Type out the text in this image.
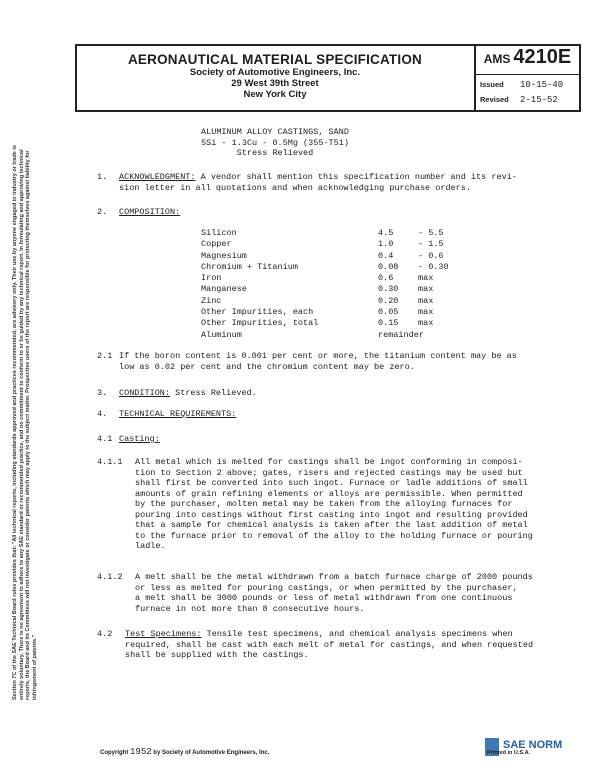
AERONAUTICAL MATERIAL SPECIFICATION
Society of Automotive Engineers, Inc.
29 West 39th Street
New York City
AMS 4210E
Issued	10-15-40
Revised	2-15-52
ALUMINUM ALLOY CASTINGS, SAND
5Si - 1.3Cu - 0.5Mg (355-T51)
Stress Relieved
1. ACKNOWLEDGMENT: A vendor shall mention this specification number and its revi-
sion letter in all quotations and when acknowledging purchase orders.
2. COMPOSITION:
Silicon	4.5	- 5.5
Copper	1.0	- 1.5
Magnesium	0.4	- 0.6
Chromium + Titanium	0.08	- 0.30
Iron	0.6	max
Manganese	0.30	max
Zinc	0.20	max
Other Impurities, each	0.05	max
Other Impurities, total	0.15	max
Aluminum	remainder
2.1 If the boron content is 0.001 per cent or more, the titanium content may be as
low as 0.02 per cent and the chromium content may be zero.
3. CONDITION: Stress Relieved.
4. TECHNICAL REQUIREMENTS:
4.1 Casting:
4.1.1 All metal which is melted for castings shall be ingot conforming in composi-
tion to Section 2 above; gates, risers and rejected castings may be used but
shall first be converted into such ingot. Furnace or ladle additions of small
amounts of grain refining elements or alloys are permissible. When permitted
by the purchaser, molten metal may be taken from the alloying furnaces for
pouring into castings without first casting into ingot and resulting provided
that a sample for chemical analysis is taken after the last addition of metal
to the furnace prior to removal of the alloy to the holding furnace or pouring
ladle.
4.1.2 A melt shall be the metal withdrawn from a batch furnace charge of 2000 pounds
or less as melted for pouring castings, or when permitted by the purchaser,
a melt shall be 3000 pounds or less of metal withdrawn from one continuous
furnace in not more than 8 consecutive hours.
4.2 Test Specimens: Tensile test specimens, and chemical analysis specimens when
required, shall be cast with each melt of metal for castings, and when requested
shall be supplied with the castings.
Section 7C of the SAE Technical Board rules provides that: "All technical reports, including standards approved and practices recommended, are advisory only. Their use by anyone engaged in industry or trade is entirely voluntary. There is no agreement to adhere to any SAE standard or recommended practice, and no commitment to conform to or be guided by any technical report. In formulating and approving technical reports, the Board and its Committees will not investigate or consider patents which may apply to the subject matter. Prospective users of the report are responsible for protecting themselves against liability for infringement of patents."
Copyright 1952 by Society of Automotive Engineers, Inc.
SAE NORM
Printed in U.S.A.
